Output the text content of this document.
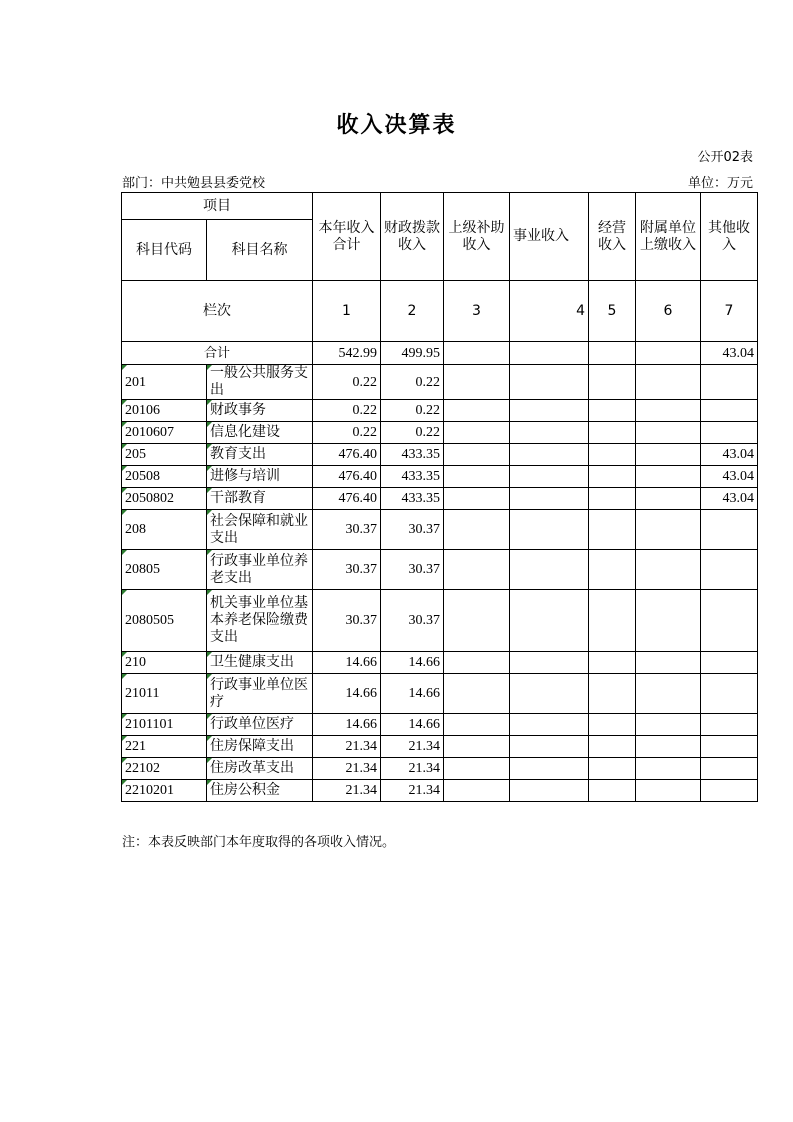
收入决算表
公开02表
部门：中共勉县县委党校	单位：万元
项目		本年收入合计	财政拨款收入	上级补助收入	事业收入	经营收入	附属单位上缴收入	其他收入
科目代码	科目名称							
栏次		1	2	3	4	5	6	7
合计		542.99	499.95					43.04
201	一般公共服务支出	0.22	0.22					
20106	财政事务	0.22	0.22					
2010607	信息化建设	0.22	0.22					
205	教育支出	476.40	433.35					43.04
20508	进修与培训	476.40	433.35					43.04
2050802	干部教育	476.40	433.35					43.04
208	社会保障和就业支出	30.37	30.37					
20805	行政事业单位养老支出	30.37	30.37					
2080505	机关事业单位基本养老保险缴费支出	30.37	30.37					
210	卫生健康支出	14.66	14.66					
21011	行政事业单位医疗	14.66	14.66					
2101101	行政单位医疗	14.66	14.66					
221	住房保障支出	21.34	21.34					
22102	住房改革支出	21.34	21.34					
2210201	住房公积金	21.34	21.34					
注：本表反映部门本年度取得的各项收入情况。
